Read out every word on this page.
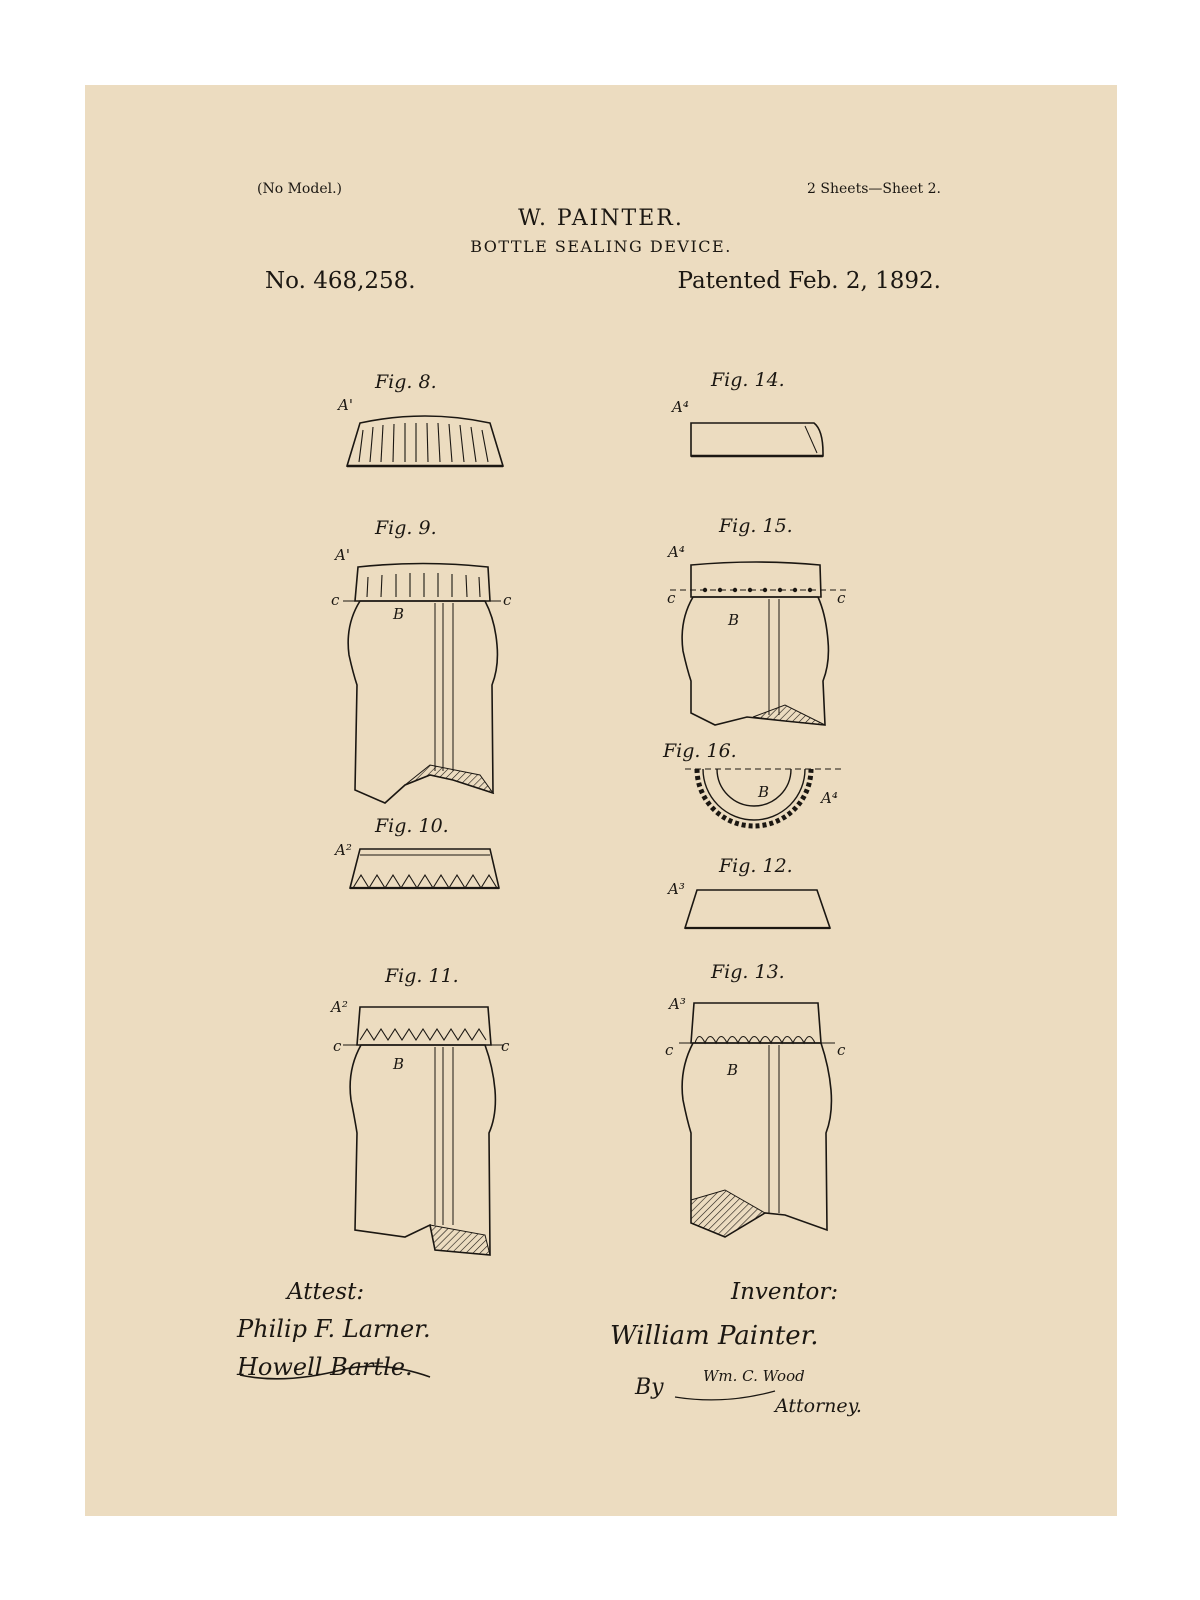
(No Model.)	2 Sheets—Sheet 2.
W. PAINTER.
BOTTLE SEALING DEVICE.
No. 468,258.	Patented Feb. 2, 1892.
Fig. 8.
A'
Fig. 14.
A⁴
Fig. 9.
A'
c	c
B
Fig. 15.
A⁴
c	c
B
Fig. 16.
B	A⁴
Fig. 10.
A²
Fig. 12.
A³
Fig. 11.
A²
c	c
B
Fig. 13.
A³
c	c
B
Attest:
Philip F. Larner.
Howell Bartle.
Inventor:
William Painter.
By	Wm. C. Wood
Attorney.
